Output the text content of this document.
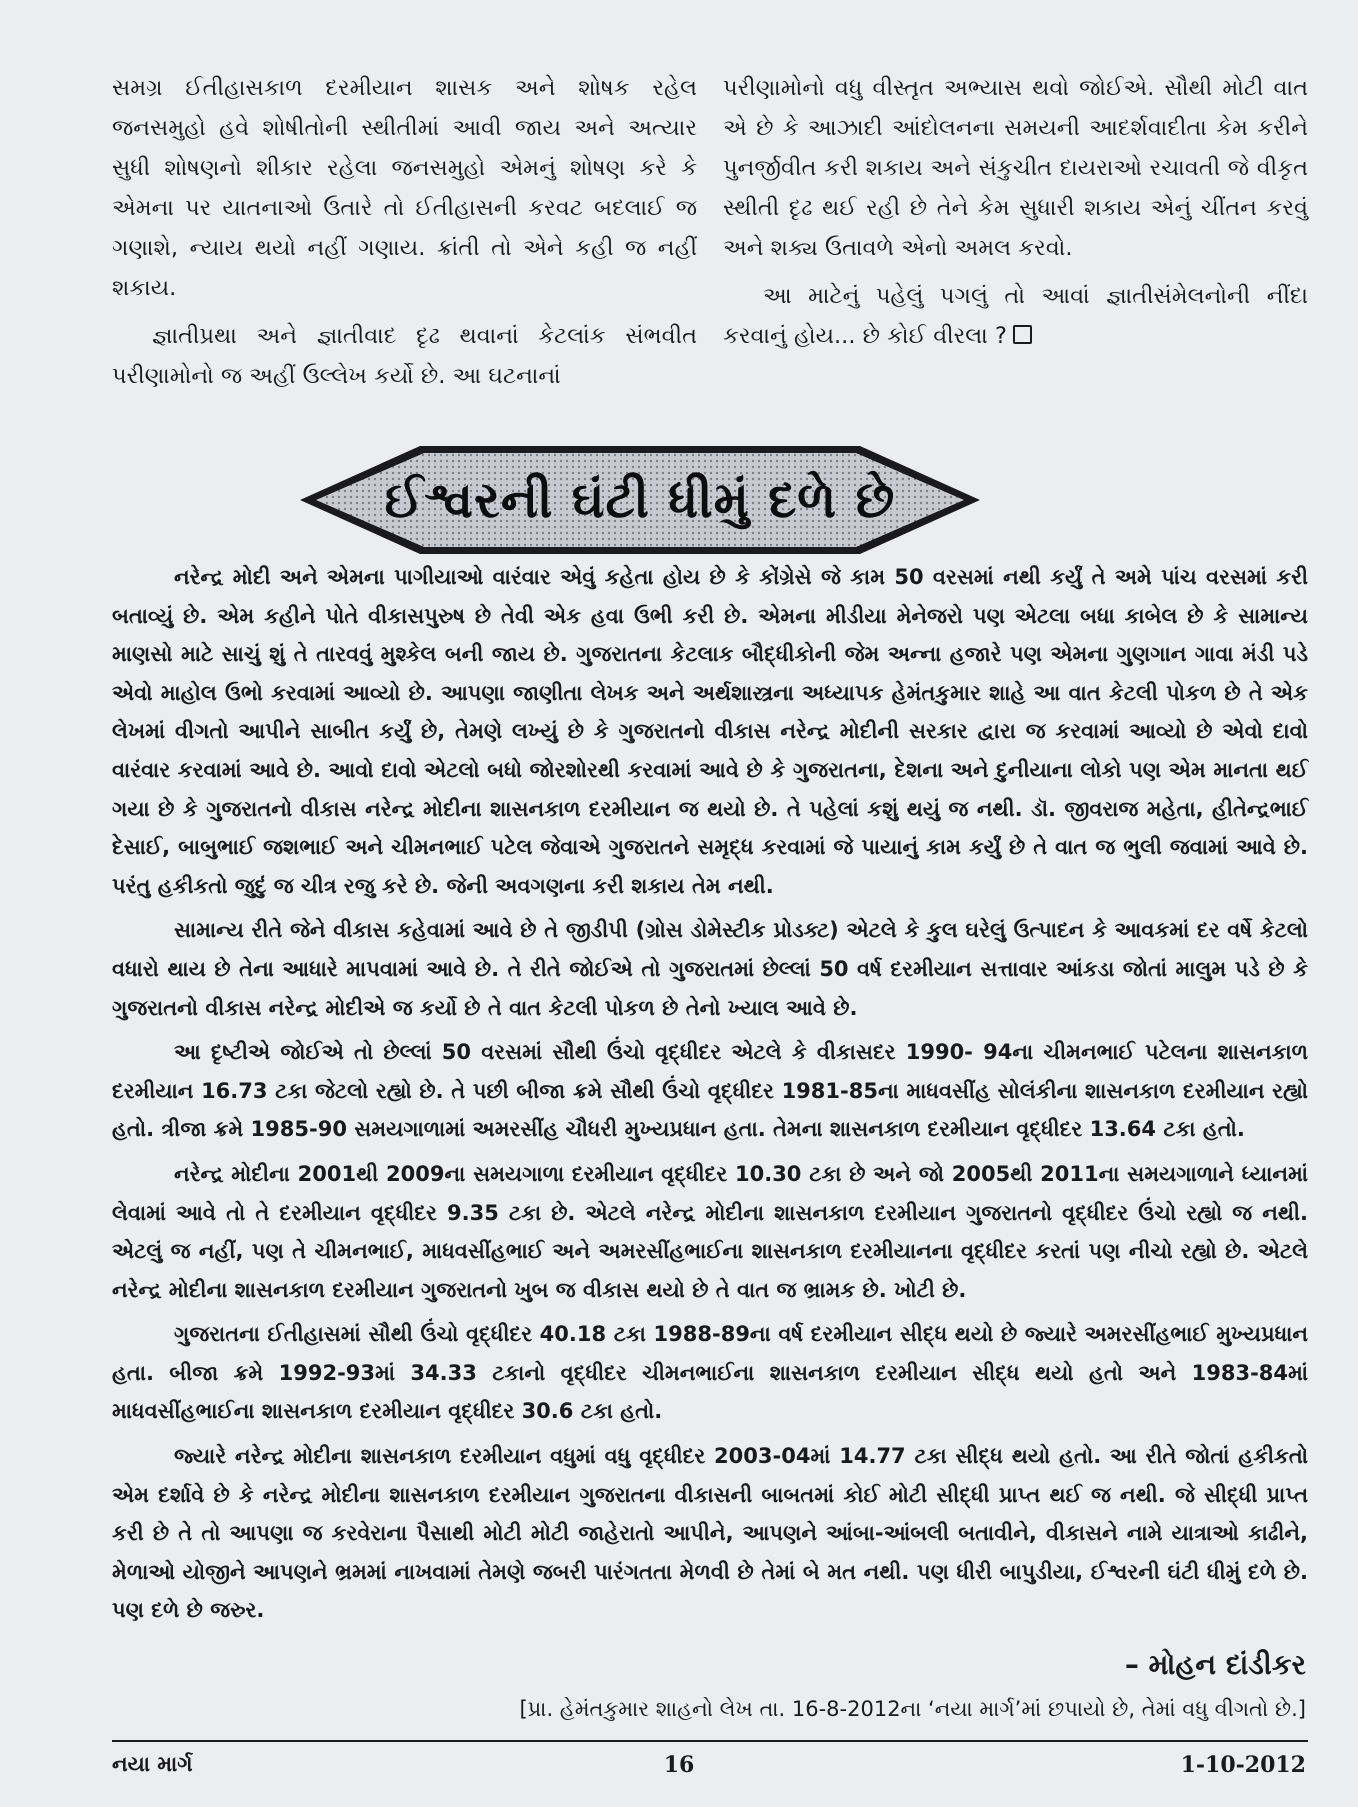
સમગ્ર ઈતીહાસકાળ દરમીયાન શાસક અને શોષક રહેલ જનસમુહો હવે શોષીતોની સ્થીતીમાં આવી જાય અને અત્યાર સુધી શોષણનો શીકાર રહેલા જનસમુહો એમનું શોષણ કરે કે એમના પર યાતનાઓ ઉતારે તો ઈતીહાસની કરવટ બદલાઈ જ ગણાશે, ન્યાય થયો નહીં ગણાય. ક્રાંતી તો એને કહી જ નહીં શકાય.

જ્ઞાતીપ્રથા અને જ્ઞાતીવાદ દૃઢ થવાનાં કેટલાંક સંભવીત પરીણામોનો જ અહીં ઉલ્લેખ કર્યો છે. આ ઘટનાનાં

પરીણામોનો વધુ વીસ્તૃત અભ્યાસ થવો જોઈએ. સૌથી મોટી વાત એ છે કે આઝાદી આંદોલનના સમયની આદર્શવાદીતા કેમ કરીને પુનર્જીવીત કરી શકાય અને સંકુચીત દાયરાઓ રચાવતી જે વીકૃત સ્થીતી દૃઢ થઈ રહી છે તેને કેમ સુધારી શકાય એનું ચીંતન કરવું અને શક્ય ઉતાવળે એનો અમલ કરવો.

આ માટેનું પહેલું પગલું તો આવાં જ્ઞાતીસંમેલનોની નીંદા કરવાનું હોય... છે કોઈ વીરલા ?

ઈશ્વરની ઘંટી ધીમું દળે છે

નરેન્દ્ર મોદી અને એમના પાગીયાઓ વારંવાર એવું કહેતા હોય છે કે કોંગ્રેસે જે કામ 50 વરસમાં નથી કર્યું તે અમે પાંચ વરસમાં કરી બતાવ્યું છે. એમ કહીને પોતે વીકાસપુરુષ છે તેવી એક હવા ઉભી કરી છે. એમના મીડીયા મેનેજરો પણ એટલા બધા કાબેલ છે કે સામાન્ય માણસો માટે સાચું શું તે તારવવું મુશ્કેલ બની જાય છે. ગુજરાતના કેટલાક બૌદ્ધીકોની જેમ અન્ના હજારે પણ એમના ગુણગાન ગાવા મંડી પડે એવો માહોલ ઉભો કરવામાં આવ્યો છે. આપણા જાણીતા લેખક અને અર્થશાસ્ત્રના અધ્યાપક હેમંતકુમાર શાહે આ વાત કેટલી પોકળ છે તે એક લેખમાં વીગતો આપીને સાબીત કર્યું છે, તેમણે લખ્યું છે કે ગુજરાતનો વીકાસ નરેન્દ્ર મોદીની સરકાર દ્વારા જ કરવામાં આવ્યો છે એવો દાવો વારંવાર કરવામાં આવે છે. આવો દાવો એટલો બધો જોરશોરથી કરવામાં આવે છે કે ગુજરાતના, દેશના અને દુનીયાના લોકો પણ એમ માનતા થઈ ગયા છે કે ગુજરાતનો વીકાસ નરેન્દ્ર મોદીના શાસનકાળ દરમીયાન જ થયો છે. તે પહેલાં કશું થયું જ નથી. ડૉ. જીવરાજ મહેતા, હીતેન્દ્રભાઈ દેસાઈ, બાબુભાઈ જશભાઈ અને ચીમનભાઈ પટેલ જેવાએ ગુજરાતને સમૃદ્ધ કરવામાં જે પાયાનું કામ કર્યું છે તે વાત જ ભુલી જવામાં આવે છે. પરંતુ હકીકતો જુદું જ ચીત્ર રજુ કરે છે. જેની અવગણના કરી શકાય તેમ નથી.

સામાન્ય રીતે જેને વીકાસ કહેવામાં આવે છે તે જીડીપી (ગ્રોસ ડોમેસ્ટીક પ્રોડક્ટ) એટલે કે કુલ ઘરેલું ઉત્પાદન કે આવકમાં દર વર્ષે કેટલો વધારો થાય છે તેના આધારે માપવામાં આવે છે. તે રીતે જોઈએ તો ગુજરાતમાં છેલ્લાં 50 વર્ષ દરમીયાન સત્તાવાર આંકડા જોતાં માલુમ પડે છે કે ગુજરાતનો વીકાસ નરેન્દ્ર મોદીએ જ કર્યો છે તે વાત કેટલી પોકળ છે તેનો ખ્યાલ આવે છે.

આ દૃષ્ટીએ જોઈએ તો છેલ્લાં 50 વરસમાં સૌથી ઉંચો વૃદ્ધીદર એટલે કે વીકાસદર 1990- 94ના ચીમનભાઈ પટેલના શાસનકાળ દરમીયાન 16.73 ટકા જેટલો રહ્યો છે. તે પછી બીજા ક્રમે સૌથી ઉંચો વૃદ્ધીદર 1981-85ના માધવસીંહ સોલંકીના શાસનકાળ દરમીયાન રહ્યો હતો. ત્રીજા ક્રમે 1985-90 સમયગાળામાં અમરસીંહ ચૌધરી મુખ્યપ્રધાન હતા. તેમના શાસનકાળ દરમીયાન વૃદ્ધીદર 13.64 ટકા હતો.

નરેન્દ્ર મોદીના 2001થી 2009ના સમયગાળા દરમીયાન વૃદ્ધીદર 10.30 ટકા છે અને જો 2005થી 2011ના સમયગાળાને ધ્યાનમાં લેવામાં આવે તો તે દરમીયાન વૃદ્ધીદર 9.35 ટકા છે. એટલે નરેન્દ્ર મોદીના શાસનકાળ દરમીયાન ગુજરાતનો વૃદ્ધીદર ઉંચો રહ્યો જ નથી. એટલું જ નહીં, પણ તે ચીમનભાઈ, માધવસીંહભાઈ અને અમરસીંહભાઈના શાસનકાળ દરમીયાનના વૃદ્ધીદર કરતાં પણ નીચો રહ્યો છે. એટલે નરેન્દ્ર મોદીના શાસનકાળ દરમીયાન ગુજરાતનો ખુબ જ વીકાસ થયો છે તે વાત જ ભ્રામક છે. ખોટી છે.

ગુજરાતના ઈતીહાસમાં સૌથી ઉંચો વૃદ્ધીદર 40.18 ટકા 1988-89ના વર્ષ દરમીયાન સીદ્ધ થયો છે જ્યારે અમરસીંહભાઈ મુખ્યપ્રધાન હતા. બીજા ક્રમે 1992-93માં 34.33 ટકાનો વૃદ્ધીદર ચીમનભાઈના શાસનકાળ દરમીયાન સીદ્ધ થયો હતો અને 1983-84માં માધવસીંહભાઈના શાસનકાળ દરમીયાન વૃદ્ધીદર 30.6 ટકા હતો.

જ્યારે નરેન્દ્ર મોદીના શાસનકાળ દરમીયાન વધુમાં વધુ વૃદ્ધીદર 2003-04માં 14.77 ટકા સીદ્ધ થયો હતો. આ રીતે જોતાં હકીકતો એમ દર્શાવે છે કે નરેન્દ્ર મોદીના શાસનકાળ દરમીયાન ગુજરાતના વીકાસની બાબતમાં કોઈ મોટી સીદ્ધી પ્રાપ્ત થઈ જ નથી. જે સીદ્ધી પ્રાપ્ત કરી છે તે તો આપણા જ કરવેરાના પૈસાથી મોટી મોટી જાહેરાતો આપીને, આપણને આંબા-આંબલી બતાવીને, વીકાસને નામે યાત્રાઓ કાઢીને, મેળાઓ યોજીને આપણને ભ્રમમાં નાખવામાં તેમણે જબરી પારંગતતા મેળવી છે તેમાં બે મત નથી. પણ ધીરી બાપુડીયા, ઈશ્વરની ઘંટી ધીમું દળે છે. પણ દળે છે જરુર.

– મોહન દાંડીકર
[પ્રા. હેમંતકુમાર શાહનો લેખ તા. 16-8-2012ના ‘નયા માર્ગ’માં છપાયો છે, તેમાં વધુ વીગતો છે.]
નયા માર્ગ	16	1-10-2012
